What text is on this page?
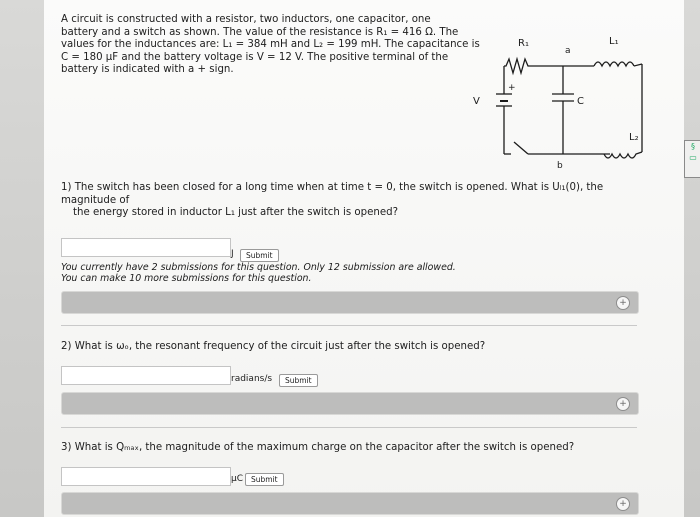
§
▭
A circuit is constructed with a resistor, two inductors, one capacitor, one
battery and a switch as shown. The value of the resistance is R₁ = 416 Ω. The
values for the inductances are: L₁ = 384 mH and L₂ = 199 mH. The capacitance is
C = 180 μF and the battery voltage is V = 12 V. The positive terminal of the
battery is indicated with a + sign.
R₁	L₁
L₂
C
V
a
b
+
1) The switch has been closed for a long time when at time t = 0, the switch is opened. What is Uₗ₁(0), the magnitude of
the energy stored in inductor L₁ just after the switch is opened?
J	Submit
You currently have 2 submissions for this question. Only 12 submission are allowed.
You can make 10 more submissions for this question.
+
2) What is ωₒ, the resonant frequency of the circuit just after the switch is opened?
radians/s	Submit
+
3) What is Qₘₐₓ, the magnitude of the maximum charge on the capacitor after the switch is opened?
μC	Submit
+
